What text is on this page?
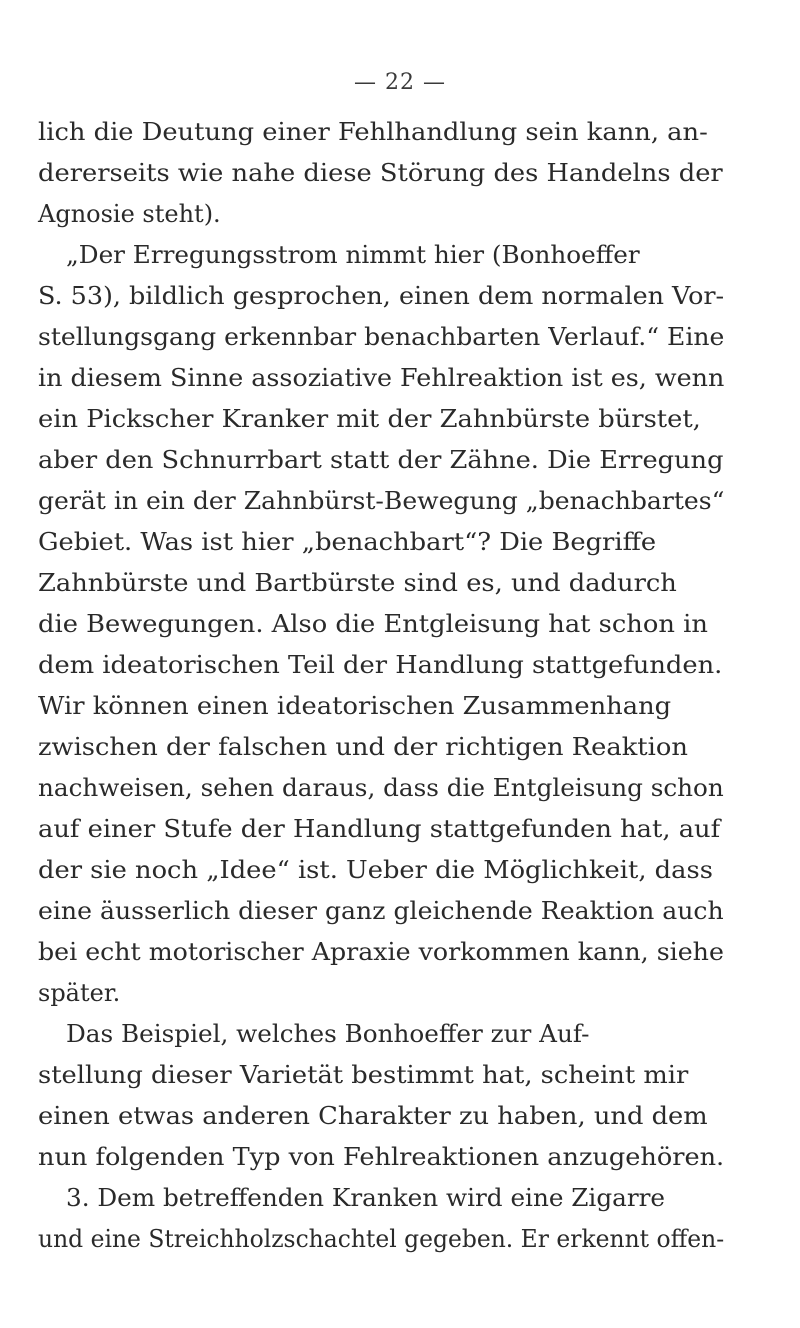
— 22 —
lich die Deutung einer Fehlhandlung sein kann, an-
dererseits wie nahe diese Störung des Handelns der
Agnosie steht).
„Der Erregungsstrom nimmt hier (Bonhoeffer
S. 53), bildlich gesprochen, einen dem normalen Vor-
stellungsgang erkennbar benachbarten Verlauf.“ Eine
in diesem Sinne assoziative Fehlreaktion ist es, wenn
ein Pickscher Kranker mit der Zahnbürste bürstet,
aber den Schnurrbart statt der Zähne. Die Erregung
gerät in ein der Zahnbürst-Bewegung „benachbartes“
Gebiet. Was ist hier „benachbart“? Die Begriffe
Zahnbürste und Bartbürste sind es, und dadurch
die Bewegungen. Also die Entgleisung hat schon in
dem ideatorischen Teil der Handlung stattgefunden.
Wir können einen ideatorischen Zusammenhang
zwischen der falschen und der richtigen Reaktion
nachweisen, sehen daraus, dass die Entgleisung schon
auf einer Stufe der Handlung stattgefunden hat, auf
der sie noch „Idee“ ist. Ueber die Möglichkeit, dass
eine äusserlich dieser ganz gleichende Reaktion auch
bei echt motorischer Apraxie vorkommen kann, siehe
später.
Das Beispiel, welches Bonhoeffer zur Auf-
stellung dieser Varietät bestimmt hat, scheint mir
einen etwas anderen Charakter zu haben, und dem
nun folgenden Typ von Fehlreaktionen anzugehören.
3. Dem betreffenden Kranken wird eine Zigarre
und eine Streichholzschachtel gegeben. Er erkennt offen-
